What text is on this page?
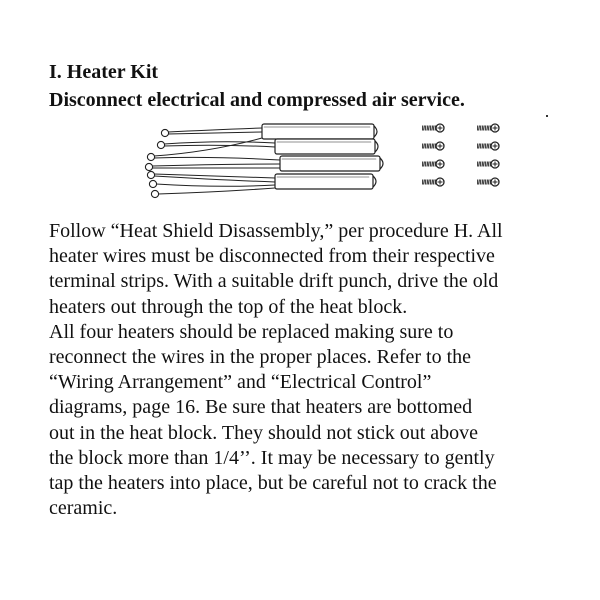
I. Heater Kit
Disconnect electrical and compressed air service.
Follow “Heat Shield Disassembly,” per procedure H. All
heater wires must be disconnected from their respective
terminal strips. With a suitable drift punch, drive the old
heaters out through the top of the heat block.
All four heaters should be replaced making sure to
reconnect the wires in the proper places. Refer to the
“Wiring Arrangement” and “Electrical Control”
diagrams, page 16. Be sure that heaters are bottomed
out in the heat block. They should not stick out above
the block more than 1/4’’. It may be necessary to gently
tap the heaters into place, but be careful not to crack the
ceramic.
